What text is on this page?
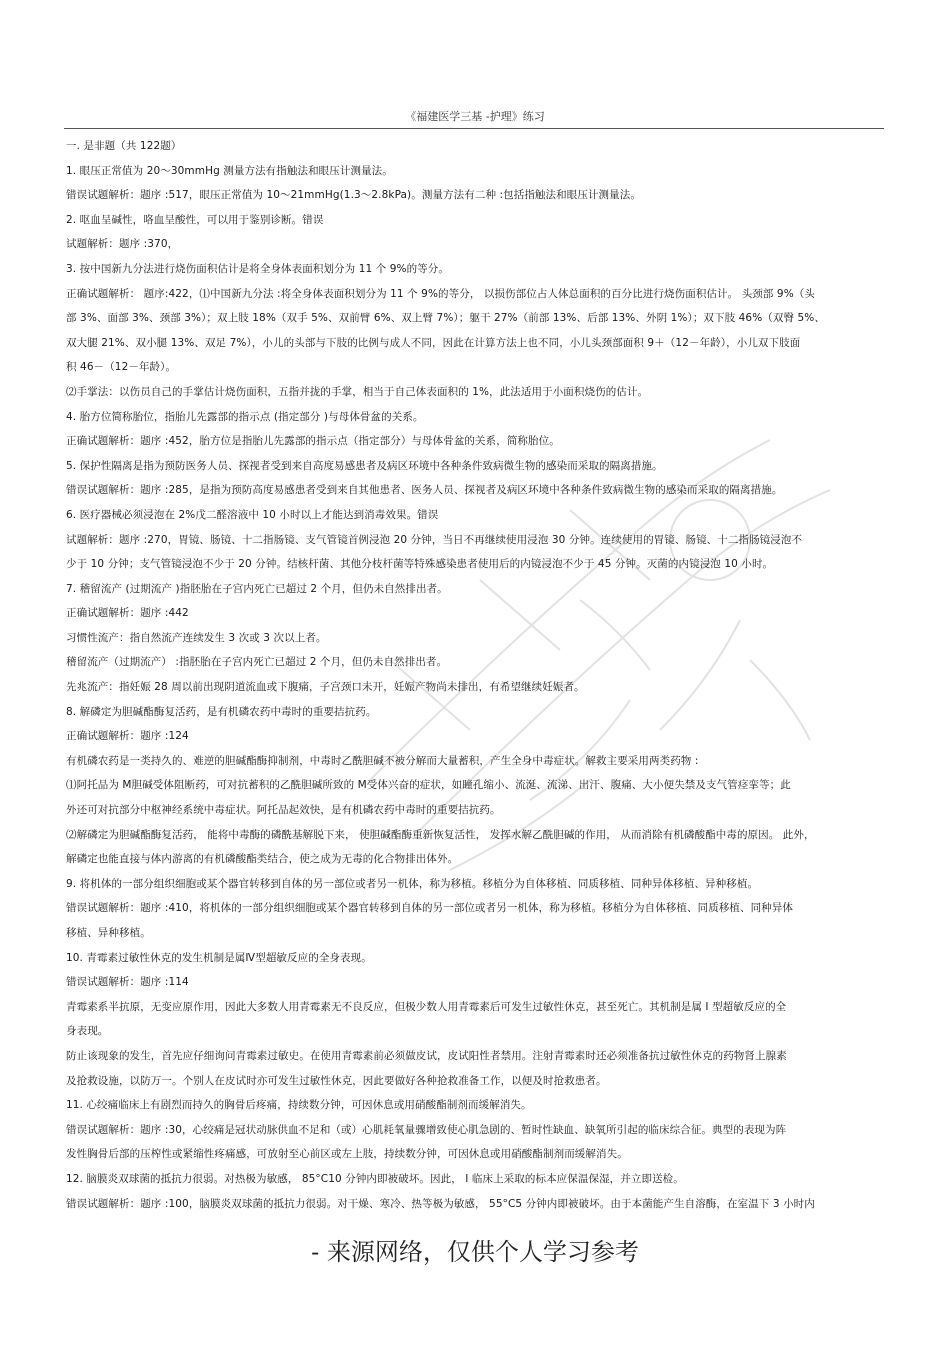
《福建医学三基 -护理》练习
一. 是非题（共 122题）
1. 眼压正常值为 20～30mmHg 测量方法有指触法和眼压计测量法。
错误试题解析：题序 :517，眼压正常值为 10～21mmHg(1.3～2.8kPa)。测量方法有二种 :包括指触法和眼压计测量法。
2. 呕血呈碱性，咯血呈酸性，可以用于鉴别诊断。错误
试题解析：题序 :370，
3. 按中国新九分法进行烧伤面积估计是将全身体表面积划分为 11 个 9%的等分。
正确试题解析： 题序:422，⑴中国新九分法 :将全身体表面积划分为 11 个 9%的等分， 以损伤部位占人体总面积的百分比进行烧伤面积估计。 头颈部 9%（头
部 3%、面部 3%、颈部 3%）；双上肢 18%（双手 5%、双前臂 6%、双上臂 7%）；躯干 27%（前部 13%、后部 13%、外阴 1%）；双下肢 46%（双臀 5%、
双大腿 21%、双小腿 13%、双足 7%），小儿的头部与下肢的比例与成人不同，因此在计算方法上也不同，小儿头颈部面积 9＋（12－年龄），小儿双下肢面
积 46－（12－年龄）。
⑵手掌法：以伤员自己的手掌估计烧伤面积，五指并拢的手掌，相当于自己体表面积的 1%，此法适用于小面积烧伤的估计。
4. 胎方位简称胎位，指胎儿先露部的指示点 (指定部分 )与母体骨盆的关系。
正确试题解析：题序 :452，胎方位是指胎儿先露部的指示点（指定部分）与母体骨盆的关系，简称胎位。
5. 保护性隔离是指为预防医务人员、探视者受到来自高度易感患者及病区环境中各种条件致病微生物的感染而采取的隔离措施。
错误试题解析：题序 :285，是指为预防高度易感患者受到来自其他患者、医务人员、探视者及病区环境中各种条件致病微生物的感染而采取的隔离措施。
6. 医疗器械必须浸泡在 2%戊二醛溶液中 10 小时以上才能达到消毒效果。错误
试题解析：题序 :270，胃镜、肠镜、十二指肠镜、支气管镜首例浸泡 20 分钟，当日不再继续使用浸泡 30 分钟。连续使用的胃镜、肠镜、十二指肠镜浸泡不
少于 10 分钟；支气管镜浸泡不少于 20 分钟。结核杆菌、其他分枝杆菌等特殊感染患者使用后的内镜浸泡不少于 45 分钟。灭菌的内镜浸泡 10 小时。
7. 稽留流产 (过期流产 )指胚胎在子宫内死亡已超过 2 个月，但仍未自然排出者。
正确试题解析：题序 :442
习惯性流产：指自然流产连续发生 3 次或 3 次以上者。
稽留流产（过期流产） :指胚胎在子宫内死亡已超过 2 个月，但仍未自然排出者。
先兆流产：指妊娠 28 周以前出现阴道流血或下腹痛，子宫颈口未开，妊娠产物尚未排出，有希望继续妊娠者。
8. 解磷定为胆碱酯酶复活药，是有机磷农药中毒时的重要拮抗药。
正确试题解析：题序 :124
有机磷农药是一类持久的、难逆的胆碱酯酶抑制剂，中毒时乙酰胆碱不被分解而大量蓄积，产生全身中毒症状。解救主要采用两类药物 :
⑴阿托品为 M胆碱受体阻断药，可对抗蓄积的乙酰胆碱所致的 M受体兴奋的症状，如瞳孔缩小、流涎、流涕、出汗、腹痛、大小便失禁及支气管痉挛等；此
外还可对抗部分中枢神经系统中毒症状。阿托品起效快，是有机磷农药中毒时的重要拮抗药。
⑵解磷定为胆碱酯酶复活药， 能将中毒酶的磷酰基解脱下来， 使胆碱酯酶重新恢复活性， 发挥水解乙酰胆碱的作用， 从而消除有机磷酸酯中毒的原因。 此外，
解磷定也能直接与体内游离的有机磷酸酯类结合，使之成为无毒的化合物排出体外。
9. 将机体的一部分组织细胞或某个器官转移到自体的另一部位或者另一机体，称为移植。移植分为自体移植、同质移植、同种异体移植、异种移植。
错误试题解析：题序 :410，将机体的一部分组织细胞或某个器官转移到自体的另一部位或者另一机体，称为移植。移植分为自体移植、同质移植、同种异体
移植、异种移植。
10. 青霉素过敏性休克的发生机制是属Ⅳ型超敏反应的全身表现。
错误试题解析：题序 :114
青霉素系半抗原，无变应原作用，因此大多数人用青霉素无不良反应，但极少数人用青霉素后可发生过敏性休克，甚至死亡。其机制是属 Ⅰ 型超敏反应的全
身表现。
防止该现象的发生，首先应仔细询问青霉素过敏史。在使用青霉素前必须做皮试，皮试阳性者禁用。注射青霉素时还必须准备抗过敏性休克的药物肾上腺素
及抢救设施，以防万一。个别人在皮试时亦可发生过敏性休克，因此要做好各种抢救准备工作，以便及时抢救患者。
11. 心绞痛临床上有剧烈而持久的胸骨后疼痛，持续数分钟，可因休息或用硝酸酯制剂而缓解消失。
错误试题解析：题序 :30，心绞痛是冠状动脉供血不足和（或）心肌耗氧量骤增致使心肌急剧的、暂时性缺血、缺氧所引起的临床综合征。典型的表现为阵
发性胸骨后部的压榨性或紧缩性疼痛感，可放射至心前区或左上肢，持续数分钟，可因休息或用硝酸酯制剂而缓解消失。
12. 脑膜炎双球菌的抵抗力很弱。对热极为敏感， 85°C10 分钟内即被破坏。因此， Ⅰ 临床上采取的标本应保温保湿，并立即送检。
错误试题解析：题序 :100，脑膜炎双球菌的抵抗力很弱。对干燥、寒冷、热等极为敏感， 55°C5 分钟内即被破坏。由于本菌能产生自溶酶，在室温下 3 小时内
- 来源网络，仅供个人学习参考
